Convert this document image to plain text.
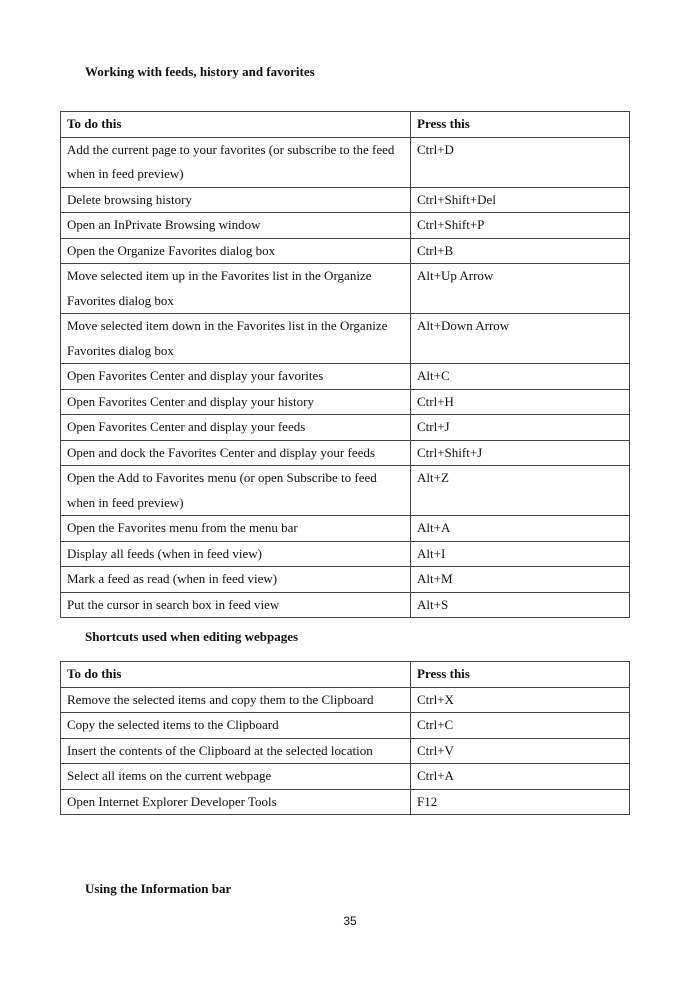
Working with feeds, history and favorites
To do this	Press this
Add the current page to your favorites (or subscribe to the feed when in feed preview)	Ctrl+D
Delete browsing history	Ctrl+Shift+Del
Open an InPrivate Browsing window	Ctrl+Shift+P
Open the Organize Favorites dialog box	Ctrl+B
Move selected item up in the Favorites list in the Organize Favorites dialog box	Alt+Up Arrow
Move selected item down in the Favorites list in the Organize Favorites dialog box	Alt+Down Arrow
Open Favorites Center and display your favorites	Alt+C
Open Favorites Center and display your history	Ctrl+H
Open Favorites Center and display your feeds	Ctrl+J
Open and dock the Favorites Center and display your feeds	Ctrl+Shift+J
Open the Add to Favorites menu (or open Subscribe to feed when in feed preview)	Alt+Z
Open the Favorites menu from the menu bar	Alt+A
Display all feeds (when in feed view)	Alt+I
Mark a feed as read (when in feed view)	Alt+M
Put the cursor in search box in feed view	Alt+S
Shortcuts used when editing webpages
To do this	Press this
Remove the selected items and copy them to the Clipboard	Ctrl+X
Copy the selected items to the Clipboard	Ctrl+C
Insert the contents of the Clipboard at the selected location	Ctrl+V
Select all items on the current webpage	Ctrl+A
Open Internet Explorer Developer Tools	F12
Using the Information bar
35
